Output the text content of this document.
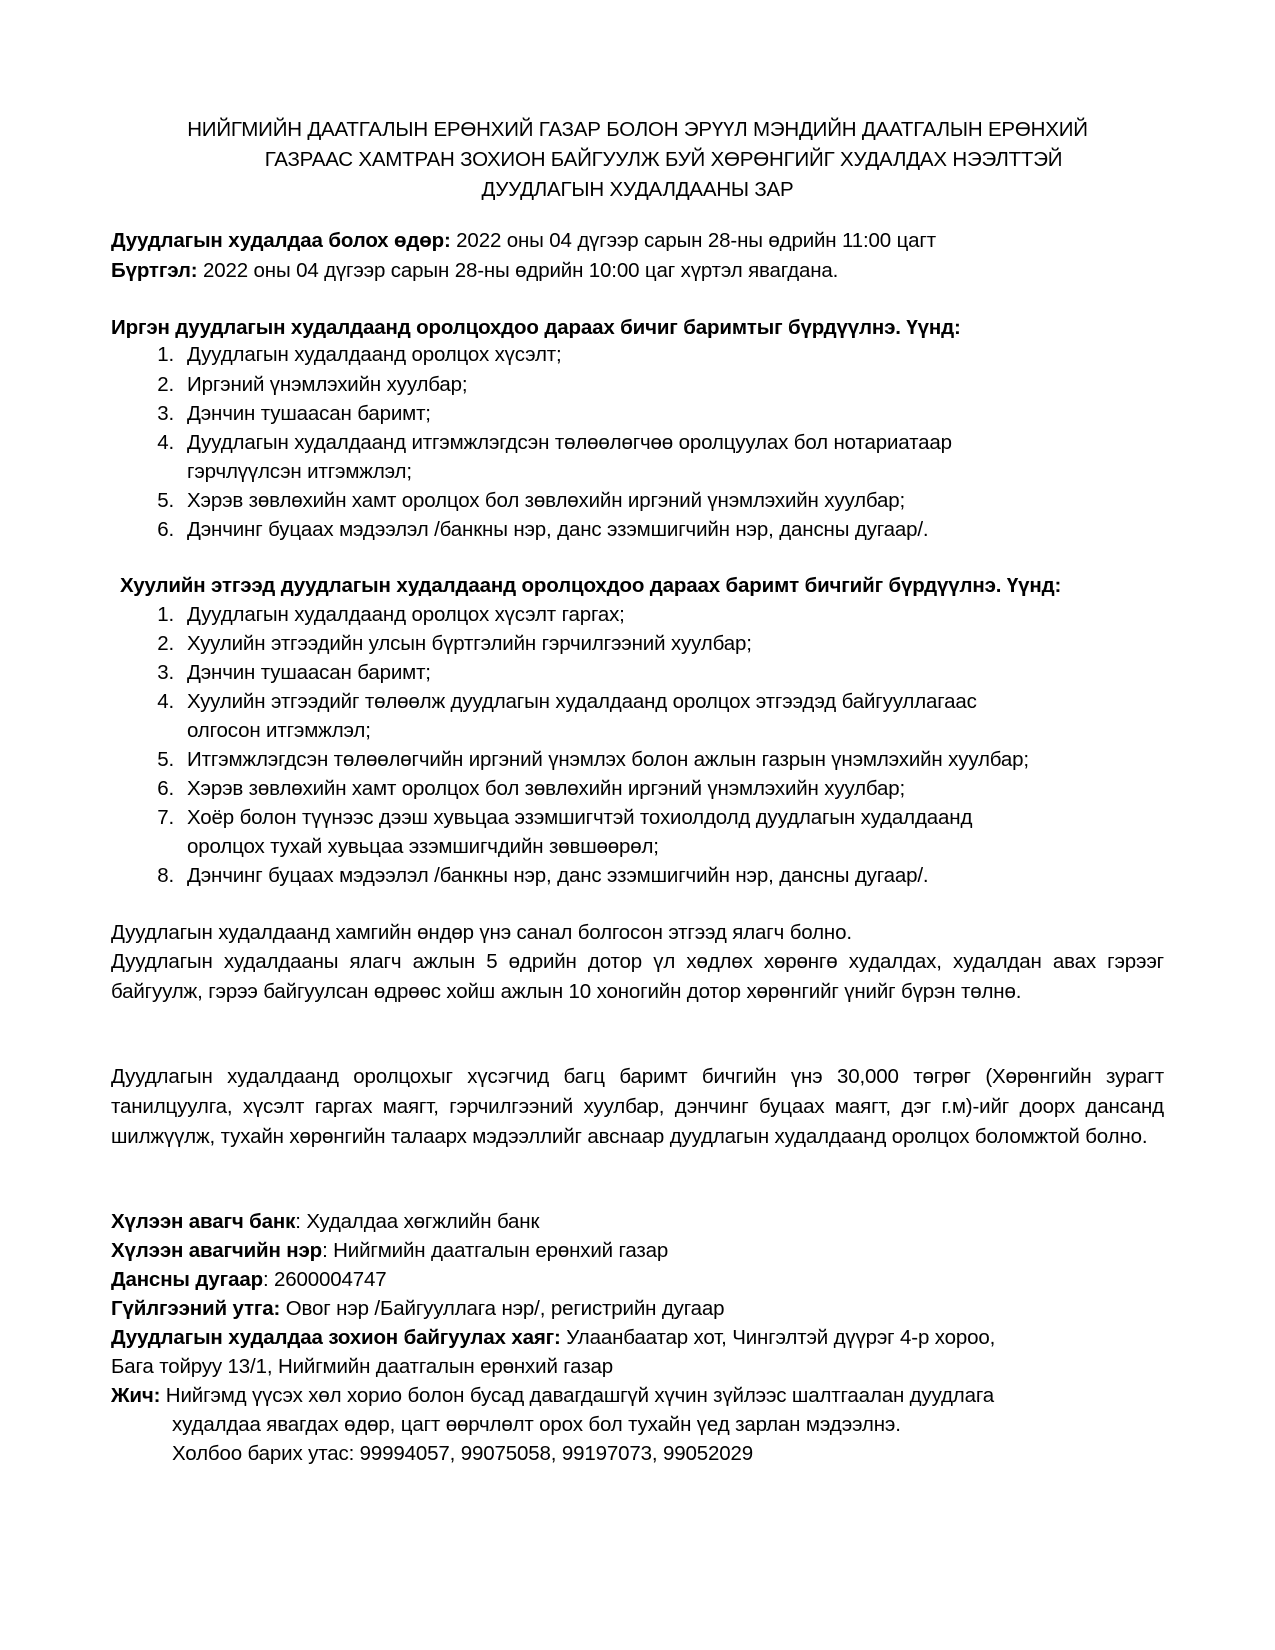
НИЙГМИЙН ДААТГАЛЫН ЕРӨНХИЙ ГАЗАР БОЛОН ЭРҮҮЛ МЭНДИЙН ДААТГАЛЫН ЕРӨНХИЙ
ГАЗРААС ХАМТРАН ЗОХИОН БАЙГУУЛЖ БУЙ ХӨРӨНГИЙГ ХУДАЛДАХ НЭЭЛТТЭЙ
ДУУДЛАГЫН ХУДАЛДААНЫ ЗАР
Дуудлагын худалдаа болох өдөр: 2022 оны 04 дүгээр сарын 28-ны өдрийн 11:00 цагт
Бүртгэл: 2022 оны 04 дүгээр сарын 28-ны өдрийн 10:00 цаг хүртэл явагдана.
Иргэн дуудлагын худалдаанд оролцохдоо дараах бичиг баримтыг бүрдүүлнэ. Үүнд:
1. Дуудлагын худалдаанд оролцох хүсэлт;
2. Иргэний үнэмлэхийн хуулбар;
3. Дэнчин тушаасан баримт;
4. Дуудлагын худалдаанд итгэмжлэгдсэн төлөөлөгчөө оролцуулах бол нотариатаар
гэрчлүүлсэн итгэмжлэл;
5. Хэрэв зөвлөхийн хамт оролцох бол зөвлөхийн иргэний үнэмлэхийн хуулбар;
6. Дэнчинг буцаах мэдээлэл /банкны нэр, данс эзэмшигчийн нэр, дансны дугаар/.
Хуулийн этгээд дуудлагын худалдаанд оролцохдоо дараах баримт бичгийг бүрдүүлнэ. Үүнд:
1. Дуудлагын худалдаанд оролцох хүсэлт гаргах;
2. Хуулийн этгээдийн улсын бүртгэлийн гэрчилгээний хуулбар;
3. Дэнчин тушаасан баримт;
4. Хуулийн этгээдийг төлөөлж дуудлагын худалдаанд оролцох этгээдэд байгууллагаас
олгосон итгэмжлэл;
5. Итгэмжлэгдсэн төлөөлөгчийн иргэний үнэмлэх болон ажлын газрын үнэмлэхийн хуулбар;
6. Хэрэв зөвлөхийн хамт оролцох бол зөвлөхийн иргэний үнэмлэхийн хуулбар;
7. Хоёр болон түүнээс дээш хувьцаа эзэмшигчтэй тохиолдолд дуудлагын худалдаанд
оролцох тухай хувьцаа эзэмшигчдийн зөвшөөрөл;
8. Дэнчинг буцаах мэдээлэл /банкны нэр, данс эзэмшигчийн нэр, дансны дугаар/.
Дуудлагын худалдаанд хамгийн өндөр үнэ санал болгосон этгээд ялагч болно.
Дуудлагын худалдааны ялагч ажлын 5 өдрийн дотор үл хөдлөх хөрөнгө худалдах, худалдан авах гэрээг байгуулж, гэрээ байгуулсан өдрөөс хойш ажлын 10 хоногийн дотор хөрөнгийг үнийг бүрэн төлнө.
Дуудлагын худалдаанд оролцохыг хүсэгчид багц баримт бичгийн үнэ 30,000 төгрөг (Хөрөнгийн зурагт танилцуулга, хүсэлт гаргах маягт, гэрчилгээний хуулбар, дэнчинг буцаах маягт, дэг г.м)-ийг доорх дансанд шилжүүлж, тухайн хөрөнгийн талаарх мэдээллийг авснаар дуудлагын худалдаанд оролцох боломжтой болно.
Хүлээн авагч банк: Худалдаа хөгжлийн банк
Хүлээн авагчийн нэр: Нийгмийн даатгалын ерөнхий газар
Дансны дугаар: 2600004747
Гүйлгээний утга: Овог нэр /Байгууллага нэр/, регистрийн дугаар
Дуудлагын худалдаа зохион байгуулах хаяг: Улаанбаатар хот, Чингэлтэй дүүрэг 4-р хороо,
Бага тойруу 13/1, Нийгмийн даатгалын ерөнхий газар
Жич: Нийгэмд үүсэх хөл хорио болон бусад давагдашгүй хүчин зүйлээс шалтгаалан дуудлага
худалдаа явагдах өдөр, цагт өөрчлөлт орох бол тухайн үед зарлан мэдээлнэ.
Холбоо барих утас: 99994057, 99075058, 99197073, 99052029
